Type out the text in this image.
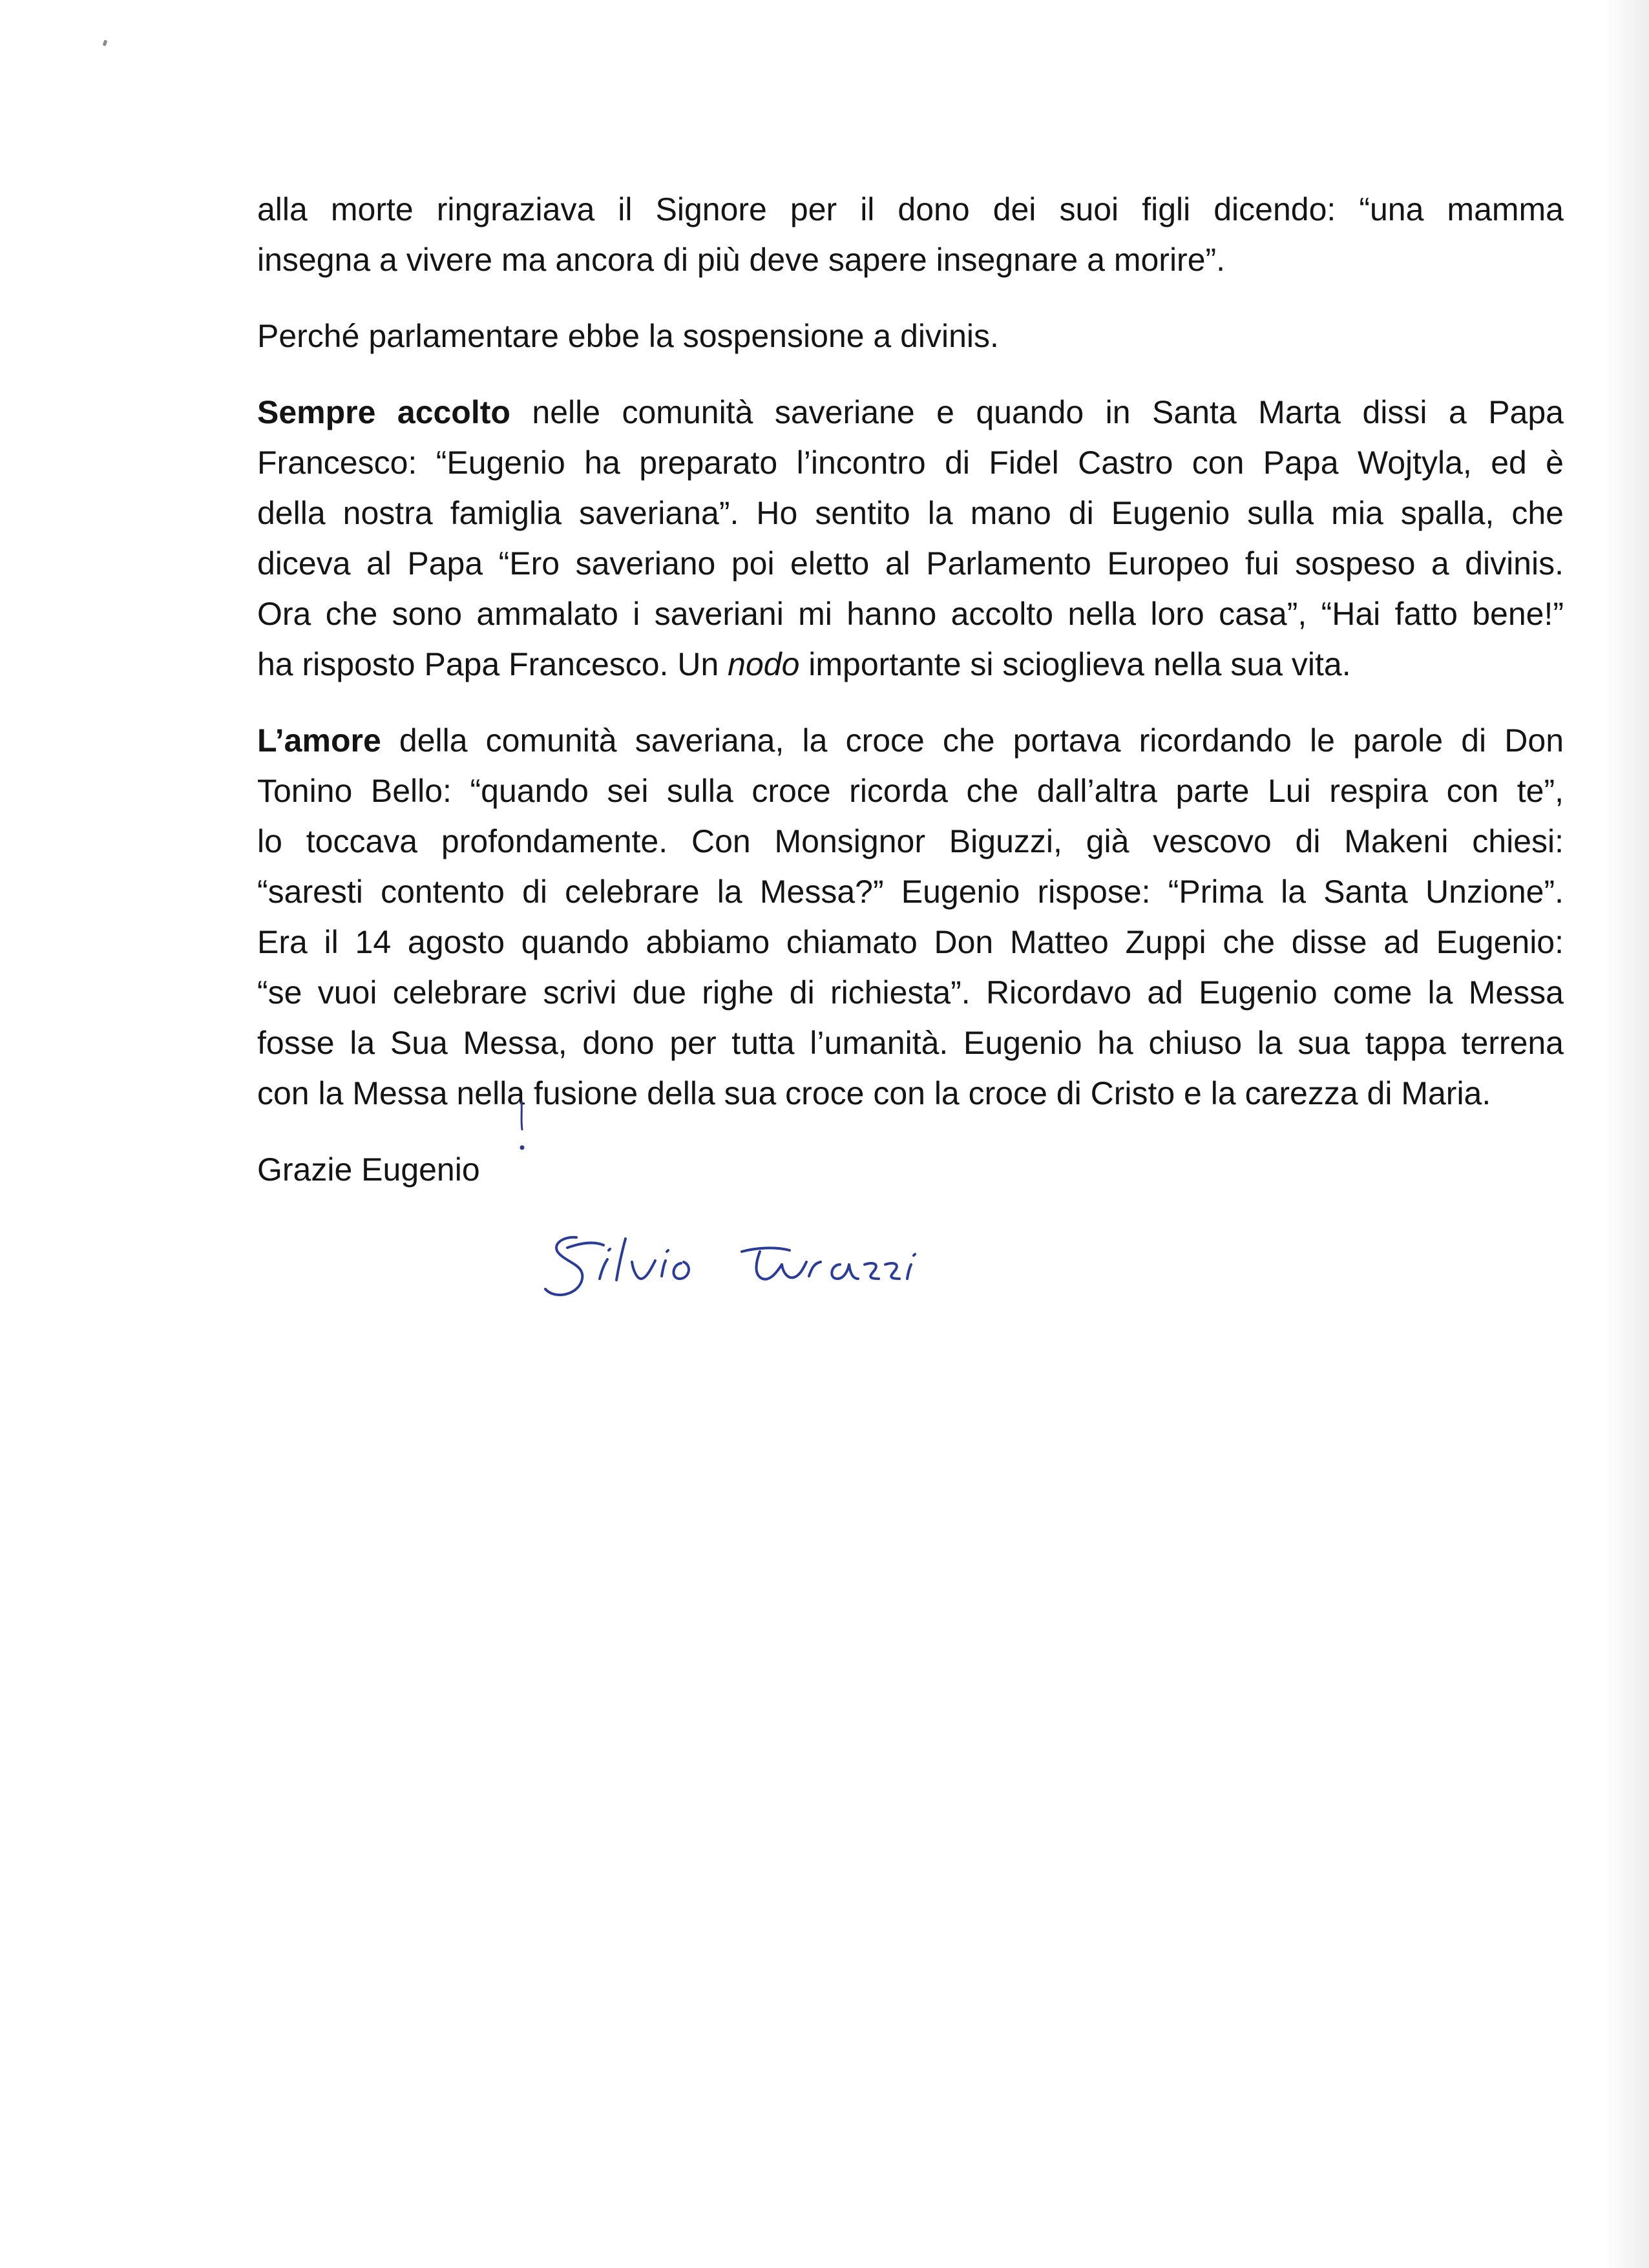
alla morte ringraziava il Signore per il dono dei suoi figli dicendo: “una mamma
insegna a vivere ma ancora di più deve sapere insegnare a morire”.

Perché parlamentare ebbe la sospensione a divinis.

Sempre accolto nelle comunità saveriane e quando in Santa Marta dissi a Papa
Francesco: “Eugenio ha preparato l’incontro di Fidel Castro con Papa Wojtyla, ed è
della nostra famiglia saveriana”. Ho sentito la mano di Eugenio sulla mia spalla, che
diceva al Papa “Ero saveriano poi eletto al Parlamento Europeo fui sospeso a divinis.
Ora che sono ammalato i saveriani mi hanno accolto nella loro casa”, “Hai fatto bene!”
ha risposto Papa Francesco. Un nodo importante si scioglieva nella sua vita.

L’amore della comunità saveriana, la croce che portava ricordando le parole di Don
Tonino Bello: “quando sei sulla croce ricorda che dall’altra parte Lui respira con te”,
lo toccava profondamente. Con Monsignor Biguzzi, già vescovo di Makeni chiesi:
“saresti contento di celebrare la Messa?” Eugenio rispose: “Prima la Santa Unzione”.
Era il 14 agosto quando abbiamo chiamato Don Matteo Zuppi che disse ad Eugenio:
“se vuoi celebrare scrivi due righe di richiesta”. Ricordavo ad Eugenio come la Messa
fosse la Sua Messa, dono per tutta l’umanità. Eugenio ha chiuso la sua tappa terrena
con la Messa nella fusione della sua croce con la croce di Cristo e la carezza di Maria.

Grazie Eugenio
